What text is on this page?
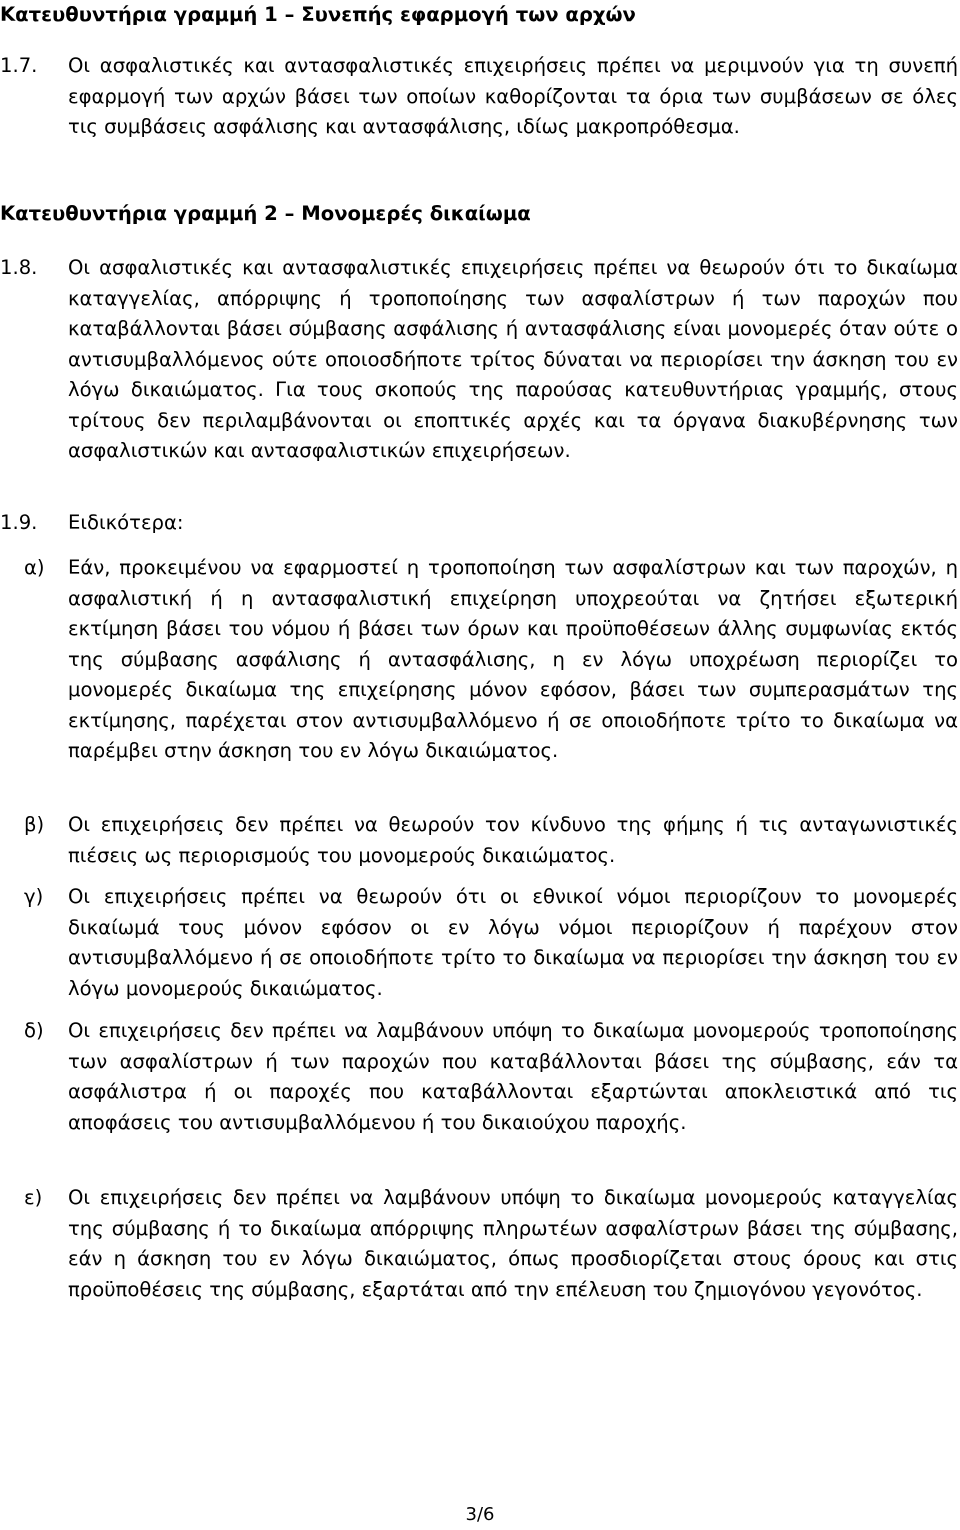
Κατευθυντήρια γραμμή 1 – Συνεπής εφαρμογή των αρχών
1.7. Οι ασφαλιστικές και αντασφαλιστικές επιχειρήσεις πρέπει να μεριμνούν για τη συνεπή εφαρμογή των αρχών βάσει των οποίων καθορίζονται τα όρια των συμβάσεων σε όλες τις συμβάσεις ασφάλισης και αντασφάλισης, ιδίως μακροπρόθεσμα.
Κατευθυντήρια γραμμή 2 – Μονομερές δικαίωμα
1.8. Οι ασφαλιστικές και αντασφαλιστικές επιχειρήσεις πρέπει να θεωρούν ότι το δικαίωμα καταγγελίας, απόρριψης ή τροποποίησης των ασφαλίστρων ή των παροχών που καταβάλλονται βάσει σύμβασης ασφάλισης ή αντασφάλισης είναι μονομερές όταν ούτε ο αντισυμβαλλόμενος ούτε οποιοσδήποτε τρίτος δύναται να περιορίσει την άσκηση του εν λόγω δικαιώματος. Για τους σκοπούς της παρούσας κατευθυντήριας γραμμής, στους τρίτους δεν περιλαμβάνονται οι εποπτικές αρχές και τα όργανα διακυβέρνησης των ασφαλιστικών και αντασφαλιστικών επιχειρήσεων.
1.9. Ειδικότερα:
α) Εάν, προκειμένου να εφαρμοστεί η τροποποίηση των ασφαλίστρων και των παροχών, η ασφαλιστική ή η αντασφαλιστική επιχείρηση υποχρεούται να ζητήσει εξωτερική εκτίμηση βάσει του νόμου ή βάσει των όρων και προϋποθέσεων άλλης συμφωνίας εκτός της σύμβασης ασφάλισης ή αντασφάλισης, η εν λόγω υποχρέωση περιορίζει το μονομερές δικαίωμα της επιχείρησης μόνον εφόσον, βάσει των συμπερασμάτων της εκτίμησης, παρέχεται στον αντισυμβαλλόμενο ή σε οποιοδήποτε τρίτο το δικαίωμα να παρέμβει στην άσκηση του εν λόγω δικαιώματος.
β) Οι επιχειρήσεις δεν πρέπει να θεωρούν τον κίνδυνο της φήμης ή τις ανταγωνιστικές πιέσεις ως περιορισμούς του μονομερούς δικαιώματος.
γ) Οι επιχειρήσεις πρέπει να θεωρούν ότι οι εθνικοί νόμοι περιορίζουν το μονομερές δικαίωμά τους μόνον εφόσον οι εν λόγω νόμοι περιορίζουν ή παρέχουν στον αντισυμβαλλόμενο ή σε οποιοδήποτε τρίτο το δικαίωμα να περιορίσει την άσκηση του εν λόγω μονομερούς δικαιώματος.
δ) Οι επιχειρήσεις δεν πρέπει να λαμβάνουν υπόψη το δικαίωμα μονομερούς τροποποίησης των ασφαλίστρων ή των παροχών που καταβάλλονται βάσει της σύμβασης, εάν τα ασφάλιστρα ή οι παροχές που καταβάλλονται εξαρτώνται αποκλειστικά από τις αποφάσεις του αντισυμβαλλόμενου ή του δικαιούχου παροχής.
ε) Οι επιχειρήσεις δεν πρέπει να λαμβάνουν υπόψη το δικαίωμα μονομερούς καταγγελίας της σύμβασης ή το δικαίωμα απόρριψης πληρωτέων ασφαλίστρων βάσει της σύμβασης, εάν η άσκηση του εν λόγω δικαιώματος, όπως προσδιορίζεται στους όρους και στις προϋποθέσεις της σύμβασης, εξαρτάται από την επέλευση του ζημιογόνου γεγονότος.
3/6
